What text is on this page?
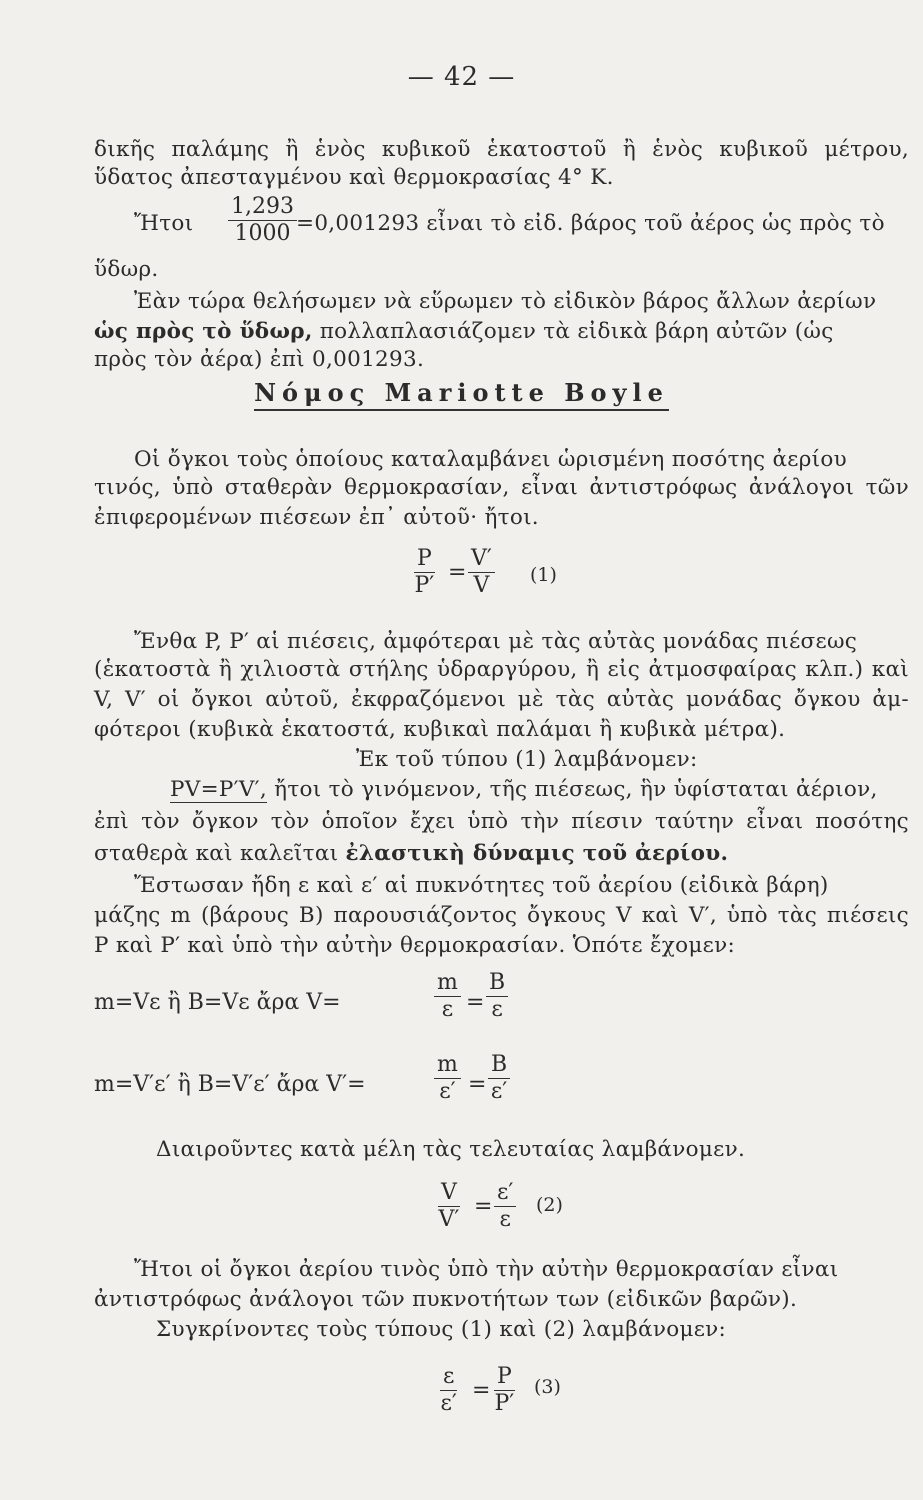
— 42 —
δικῆς παλάμης ἢ ἑνὸς κυβικοῦ ἑκατοστοῦ ἢ ἑνὸς κυβικοῦ μέτρου,
ὕδατος ἀπεσταγμένου καὶ θερμοκρασίας 4° Κ.
Ἤτοι $\frac{1,293}{1000} =0,001293$ εἶναι τὸ εἰδ. βάρος τοῦ ἀέρος ὡς πρὸς τὸ
ὕδωρ.
Ἐὰν τώρα θελήσωμεν νὰ εὕρωμεν τὸ εἰδικὸν βάρος ἄλλων ἀερίων
ὡς πρὸς τὸ ὕδωρ, πολλαπλασιάζομεν τὰ εἰδικὰ βάρη αὐτῶν (ὡς
πρὸς τὸν ἀέρα) ἐπὶ 0,001293.
Νόμος Mariotte Boyle
Οἱ ὄγκοι τοὺς ὁποίους καταλαμβάνει ὡρισμένη ποσότης ἀερίου
τινός, ὑπὸ σταθερὰν θερμοκρασίαν, εἶναι ἀντιστρόφως ἀνάλογοι τῶν
ἐπιφερομένων πιέσεων ἐπ᾽ αὐτοῦ· ἤτοι.
$\frac{P}{P'} = \frac{V'}{V} (1)$
Ἔνθα P, P′ αἱ πιέσεις, ἀμφότεραι μὲ τὰς αὐτὰς μονάδας πιέσεως
(ἑκατοστὰ ἢ χιλιοστὰ στήλης ὑδραργύρου, ἢ εἰς ἀτμοσφαίρας κλπ.) καὶ
V, V′ οἱ ὄγκοι αὐτοῦ, ἐκφραζόμενοι μὲ τὰς αὐτὰς μονάδας ὄγκου ἀμ-
φότεροι (κυβικὰ ἑκατοστά, κυβικαὶ παλάμαι ἢ κυβικὰ μέτρα).
Ἐκ τοῦ τύπου (1) λαμβάνομεν:
PV=P′V′, ἤτοι τὸ γινόμενον, τῆς πιέσεως, ἣν ὑφίσταται ἀέριον,
ἐπὶ τὸν ὄγκον τὸν ὁποῖον ἔχει ὑπὸ τὴν πίεσιν ταύτην εἶναι ποσότης
σταθερὰ καὶ καλεῖται ἐλαστικὴ δύναμις τοῦ ἀερίου.
Ἔστωσαν ἤδη ε καὶ ε′ αἱ πυκνότητες τοῦ ἀερίου (εἰδικὰ βάρη)
μάζης m (βάρους B) παρουσιάζοντος ὄγκους V καὶ V′, ὑπὸ τὰς πιέσεις
P καὶ P′ καὶ ὑπὸ τὴν αὐτὴν θερμοκρασίαν. Ὁπότε ἔχομεν:
m=Vε ἢ B=Vε ἄρα V=	$\frac{m}{\varepsilon} = \frac{B}{\varepsilon}$
m=V′ε′ ἢ B=V′ε′ ἄρα V′=	$\frac{m}{\varepsilon'} = \frac{B}{\varepsilon'}$
Διαιροῦντες κατὰ μέλη τὰς τελευταίας λαμβάνομεν.
$\frac{V}{V'} = \frac{\varepsilon'}{\varepsilon} (2)$
Ἤτοι οἱ ὄγκοι ἀερίου τινὸς ὑπὸ τὴν αὐτὴν θερμοκρασίαν εἶναι
ἀντιστρόφως ἀνάλογοι τῶν πυκνοτήτων των (εἰδικῶν βαρῶν).
Συγκρίνοντες τοὺς τύπους (1) καὶ (2) λαμβάνομεν:
$\frac{\varepsilon}{\varepsilon'} = \frac{P}{P'} (3)$
